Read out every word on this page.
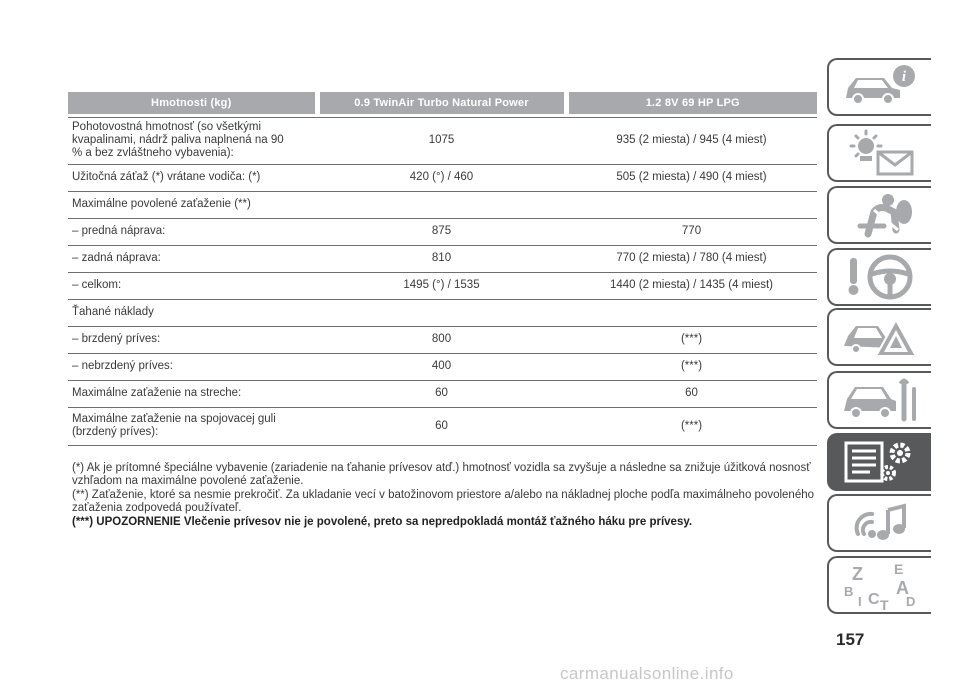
Hmotnosti (kg)	0.9 TwinAir Turbo Natural Power	1.2 8V 69 HP LPG

Pohotovostná hmotnosť (so všetkými kvapalinami, nádrž paliva naplnená na 90 % a bez zvláštneho vybavenia):	1075	935 (2 miesta) / 945 (4 miest)
Užitočná záťaž (*) vrátane vodiča: (*)	420 (°) / 460	505 (2 miesta) / 490 (4 miest)
Maximálne povolené zaťaženie (**)		
– predná náprava:	875	770
– zadná náprava:	810	770 (2 miesta) / 780 (4 miest)
– celkom:	1495 (°) / 1535	1440 (2 miesta) / 1435 (4 miest)
Ťahané náklady		
– brzdený príves:	800	(***)
– nebrzdený príves:	400	(***)
Maximálne zaťaženie na streche:	60	60
Maximálne zaťaženie na spojovacej guli (brzdený príves):	60	(***)

(*) Ak je prítomné špeciálne vybavenie (zariadenie na ťahanie prívesov atď.) hmotnosť vozidla sa zvyšuje a následne sa znižuje úžitková nosnosť vzhľadom na maximálne povolené zaťaženie.

(**) Zaťaženie, ktoré sa nesmie prekročiť. Za ukladanie vecí v batožinovom priestore a/alebo na nákladnej ploche podľa maximálneho povoleného zaťaženia zodpovedá používateľ.

(***) UPOZORNENIE Vlečenie prívesov nie je povolené, preto sa nepredpokladá montáž ťažného háku pre prívesy.

i
Z E
B A
I C T D
157
carmanualsonline.info
